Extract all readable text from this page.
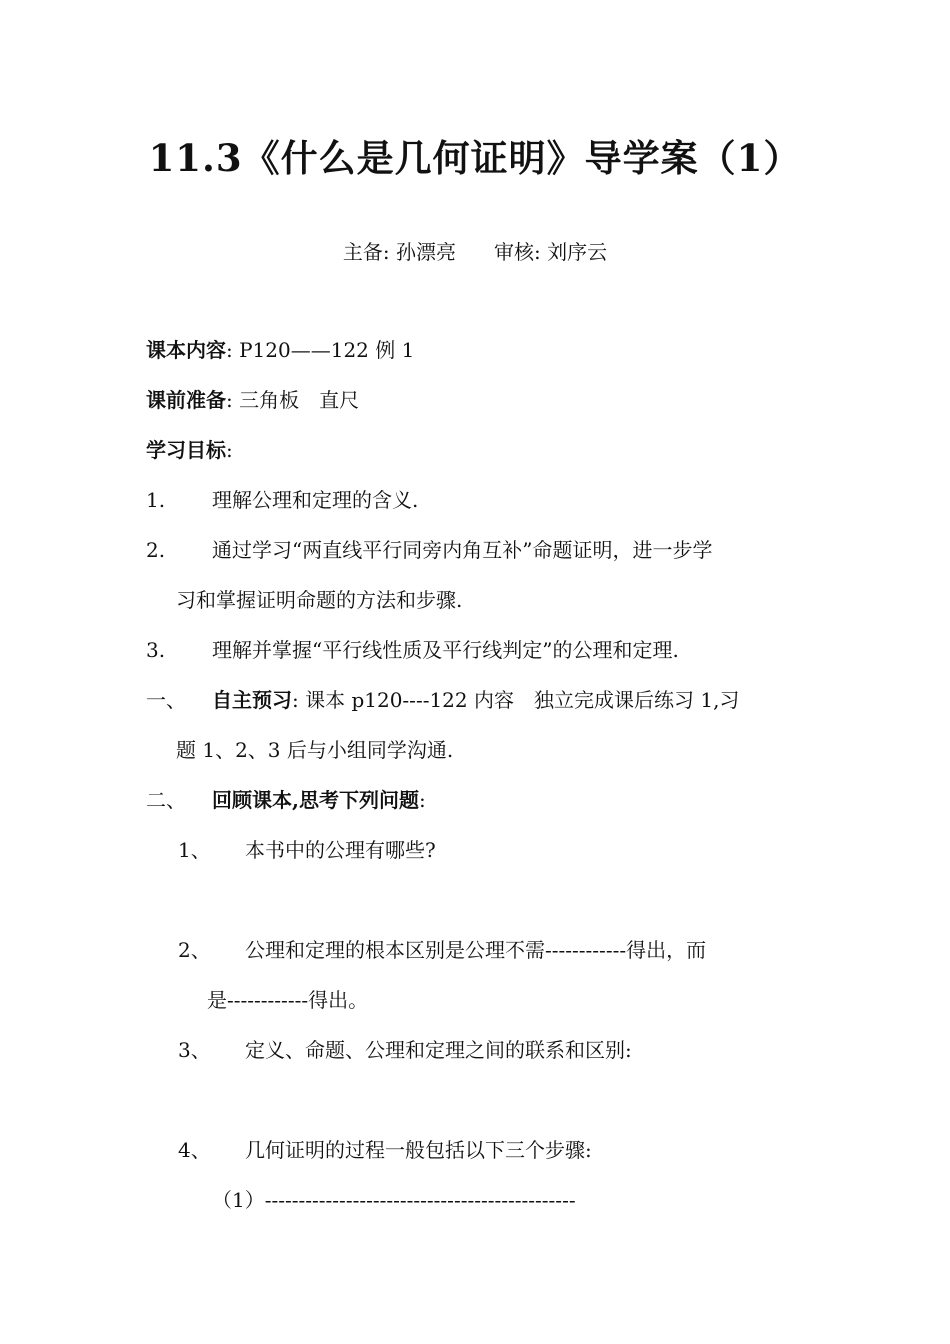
11.3《什么是几何证明》导学案（1）
主备: 孙漂亮 审核: 刘序云
课本内容: P120——122 例 1
课前准备: 三角板　直尺
学习目标:
1. 理解公理和定理的含义.
2. 通过学习“两直线平行同旁内角互补”命题证明，进一步学
习和掌握证明命题的方法和步骤.
3. 理解并掌握“平行线性质及平行线判定”的公理和定理.
一、 自主预习: 课本 p120----122 内容　独立完成课后练习 1,习
题 1、2、3 后与小组同学沟通.
二、 回顾课本,思考下列问题:
1、 本书中的公理有哪些?
2、 公理和定理的根本区别是公理不需------------得出，而
是------------得出。
3、 定义、命题、公理和定理之间的联系和区别:
4、 几何证明的过程一般包括以下三个步骤:
（1）----------------------------------------------
